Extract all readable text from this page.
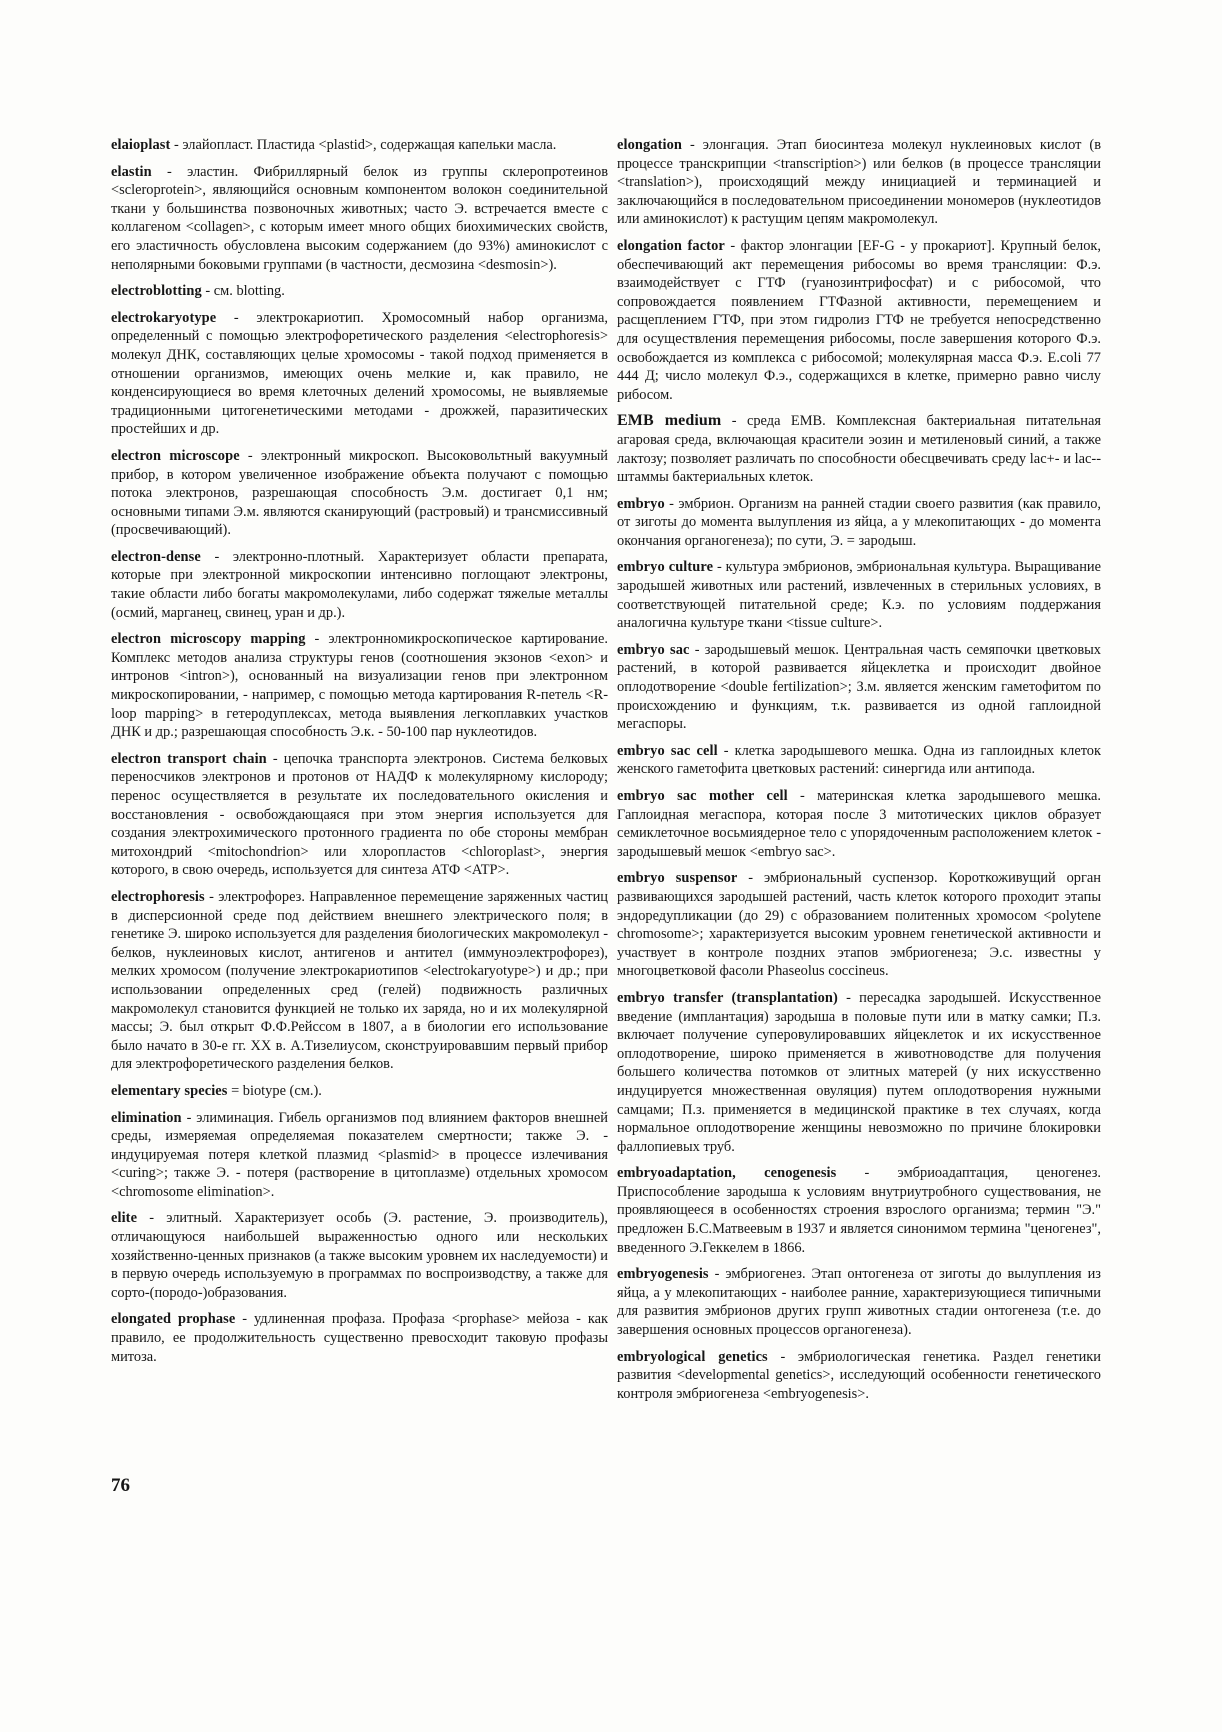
elaioplast - элайопласт. Пластида <plastid>, содержащая капельки масла.

elastin - эластин. Фибриллярный белок из группы склеропротеинов <scleroprotein>, являющийся основным компонентом волокон соединительной ткани у большинства позвоночных животных; часто Э. встречается вместе с коллагеном <collagen>, с которым имеет много общих биохимических свойств, его эластичность обусловлена высоким содержанием (до 93%) аминокислот с неполярными боковыми группами (в частности, десмозина <desmosin>).

electroblotting - см. blotting.

electrokaryotype - электрокариотип. Хромосомный набор организма, определенный с помощью электрофоретического разделения <electrophoresis> молекул ДНК, составляющих целые хромосомы - такой подход применяется в отношении организмов, имеющих очень мелкие и, как правило, не конденсирующиеся во время клеточных делений хромосомы, не выявляемые традиционными цитогенетическими методами - дрожжей, паразитических простейших и др.

electron microscope - электронный микроскоп. Высоковольтный вакуумный прибор, в котором увеличенное изображение объекта получают с помощью потока электронов, разрешающая способность Э.м. достигает 0,1 нм; основными типами Э.м. являются сканирующий (растровый) и трансмиссивный (просвечивающий).

electron-dense - электронно-плотный. Характеризует области препарата, которые при электронной микроскопии интенсивно поглощают электроны, такие области либо богаты макромолекулами, либо содержат тяжелые металлы (осмий, марганец, свинец, уран и др.).

electron microscopy mapping - электронномикроскопическое картирование. Комплекс методов анализа структуры генов (соотношения экзонов <exon> и интронов <intron>), основанный на визуализации генов при электронном микроскопировании, - например, с помощью метода картирования R-петель <R-loop mapping> в гетеродуплексах, метода выявления легкоплавких участков ДНК и др.; разрешающая способность Э.к. - 50-100 пар нуклеотидов.

electron transport chain - цепочка транспорта электронов. Система белковых переносчиков электронов и протонов от НАДФ к молекулярному кислороду; перенос осуществляется в результате их последовательного окисления и восстановления - освобождающаяся при этом энергия используется для создания электрохимического протонного градиента по обе стороны мембран митохондрий <mitochondrion> или хлоропластов <chloroplast>, энергия которого, в свою очередь, используется для синтеза АТФ <ATP>.

electrophoresis - электрофорез. Направленное перемещение заряженных частиц в дисперсионной среде под действием внешнего электрического поля; в генетике Э. широко используется для разделения биологических макромолекул - белков, нуклеиновых кислот, антигенов и антител (иммуноэлектрофорез), мелких хромосом (получение электрокариотипов <electrokaryotype>) и др.; при использовании определенных сред (гелей) подвижность различных макромолекул становится функцией не только их заряда, но и их молекулярной массы; Э. был открыт Ф.Ф.Рейссом в 1807, а в биологии его использование было начато в 30-е гг. XX в. А.Тизелиусом, сконструировавшим первый прибор для электрофоретического разделения белков.

elementary species = biotype (см.).

elimination - элиминация. Гибель организмов под влиянием факторов внешней среды, измеряемая определяемая показателем смертности; также Э. - индуцируемая потеря клеткой плазмид <plasmid> в процессе излечивания <curing>; также Э. - потеря (растворение в цитоплазме) отдельных хромосом <chromosome elimination>.

elite - элитный. Характеризует особь (Э. растение, Э. производитель), отличающуюся наибольшей выраженностью одного или нескольких хозяйственно-ценных признаков (а также высоким уровнем их наследуемости) и в первую очередь используемую в программах по воспроизводству, а также для сорто-(породо-)образования.

elongated prophase - удлиненная профаза. Профаза <prophase> мейоза - как правило, ее продолжительность существенно превосходит таковую профазы митоза.

elongation - элонгация. Этап биосинтеза молекул нуклеиновых кислот (в процессе транскрипции <transcription>) или белков (в процессе трансляции <translation>), происходящий между инициацией и терминацией и заключающийся в последовательном присоединении мономеров (нуклеотидов или аминокислот) к растущим цепям макромолекул.

elongation factor - фактор элонгации [EF-G - у прокариот]. Крупный белок, обеспечивающий акт перемещения рибосомы во время трансляции: Ф.э. взаимодействует с ГТФ (гуанозинтрифосфат) и с рибосомой, что сопровождается появлением ГТФазной активности, перемещением и расщеплением ГТФ, при этом гидролиз ГТФ не требуется непосредственно для осуществления перемещения рибосомы, после завершения которого Ф.э. освобождается из комплекса с рибосомой; молекулярная масса Ф.э. E.coli 77 444 Д; число молекул Ф.э., содержащихся в клетке, примерно равно числу рибосом.

EMB medium - среда EMB. Комплексная бактериальная питательная агаровая среда, включающая красители эозин и метиленовый синий, а также лактозу; позволяет различать по способности обесцвечивать среду lac+- и lac--штаммы бактериальных клеток.

embryo - эмбрион. Организм на ранней стадии своего развития (как правило, от зиготы до момента вылупления из яйца, а у млекопитающих - до момента окончания органогенеза); по сути, Э. = зародыш.

embryo culture - культура эмбрионов, эмбриональная культура. Выращивание зародышей животных или растений, извлеченных в стерильных условиях, в соответствующей питательной среде; К.э. по условиям поддержания аналогична культуре ткани <tissue culture>.

embryo sac - зародышевый мешок. Центральная часть семяпочки цветковых растений, в которой развивается яйцеклетка и происходит двойное оплодотворение <double fertilization>; З.м. является женским гаметофитом по происхождению и функциям, т.к. развивается из одной гаплоидной мегаспоры.

embryo sac cell - клетка зародышевого мешка. Одна из гаплоидных клеток женского гаметофита цветковых растений: синергида или антипода.

embryo sac mother cell - материнская клетка зародышевого мешка. Гаплоидная мегаспора, которая после 3 митотических циклов образует семиклеточное восьмиядерное тело с упорядоченным расположением клеток - зародышевый мешок <embryo sac>.

embryo suspensor - эмбриональный суспензор. Короткоживущий орган развивающихся зародышей растений, часть клеток которого проходит этапы эндоредупликации (до 29) с образованием политенных хромосом <polytene chromosome>; характеризуется высоким уровнем генетической активности и участвует в контроле поздних этапов эмбриогенеза; Э.с. известны у многоцветковой фасоли Phaseolus coccineus.

embryo transfer (transplantation) - пересадка зародышей. Искусственное введение (имплантация) зародыша в половые пути или в матку самки; П.з. включает получение суперовулировавших яйцеклеток и их искусственное оплодотворение, широко применяется в животноводстве для получения большего количества потомков от элитных матерей (у них искусственно индуцируется множественная овуляция) путем оплодотворения нужными самцами; П.з. применяется в медицинской практике в тех случаях, когда нормальное оплодотворение женщины невозможно по причине блокировки фаллопиевых труб.

embryoadaptation, cenogenesis - эмбриоадаптация, ценогенез. Приспособление зародыша к условиям внутриутробного существования, не проявляющееся в особенностях строения взрослого организма; термин "Э." предложен Б.С.Матвеевым в 1937 и является синонимом термина "ценогенез", введенного Э.Геккелем в 1866.

embryogenesis - эмбриогенез. Этап онтогенеза от зиготы до вылупления из яйца, а у млекопитающих - наиболее ранние, характеризующиеся типичными для развития эмбрионов других групп животных стадии онтогенеза (т.е. до завершения основных процессов органогенеза).

embryological genetics - эмбриологическая генетика. Раздел генетики развития <developmental genetics>, исследующий особенности генетического контроля эмбриогенеза <embryogenesis>.

76
